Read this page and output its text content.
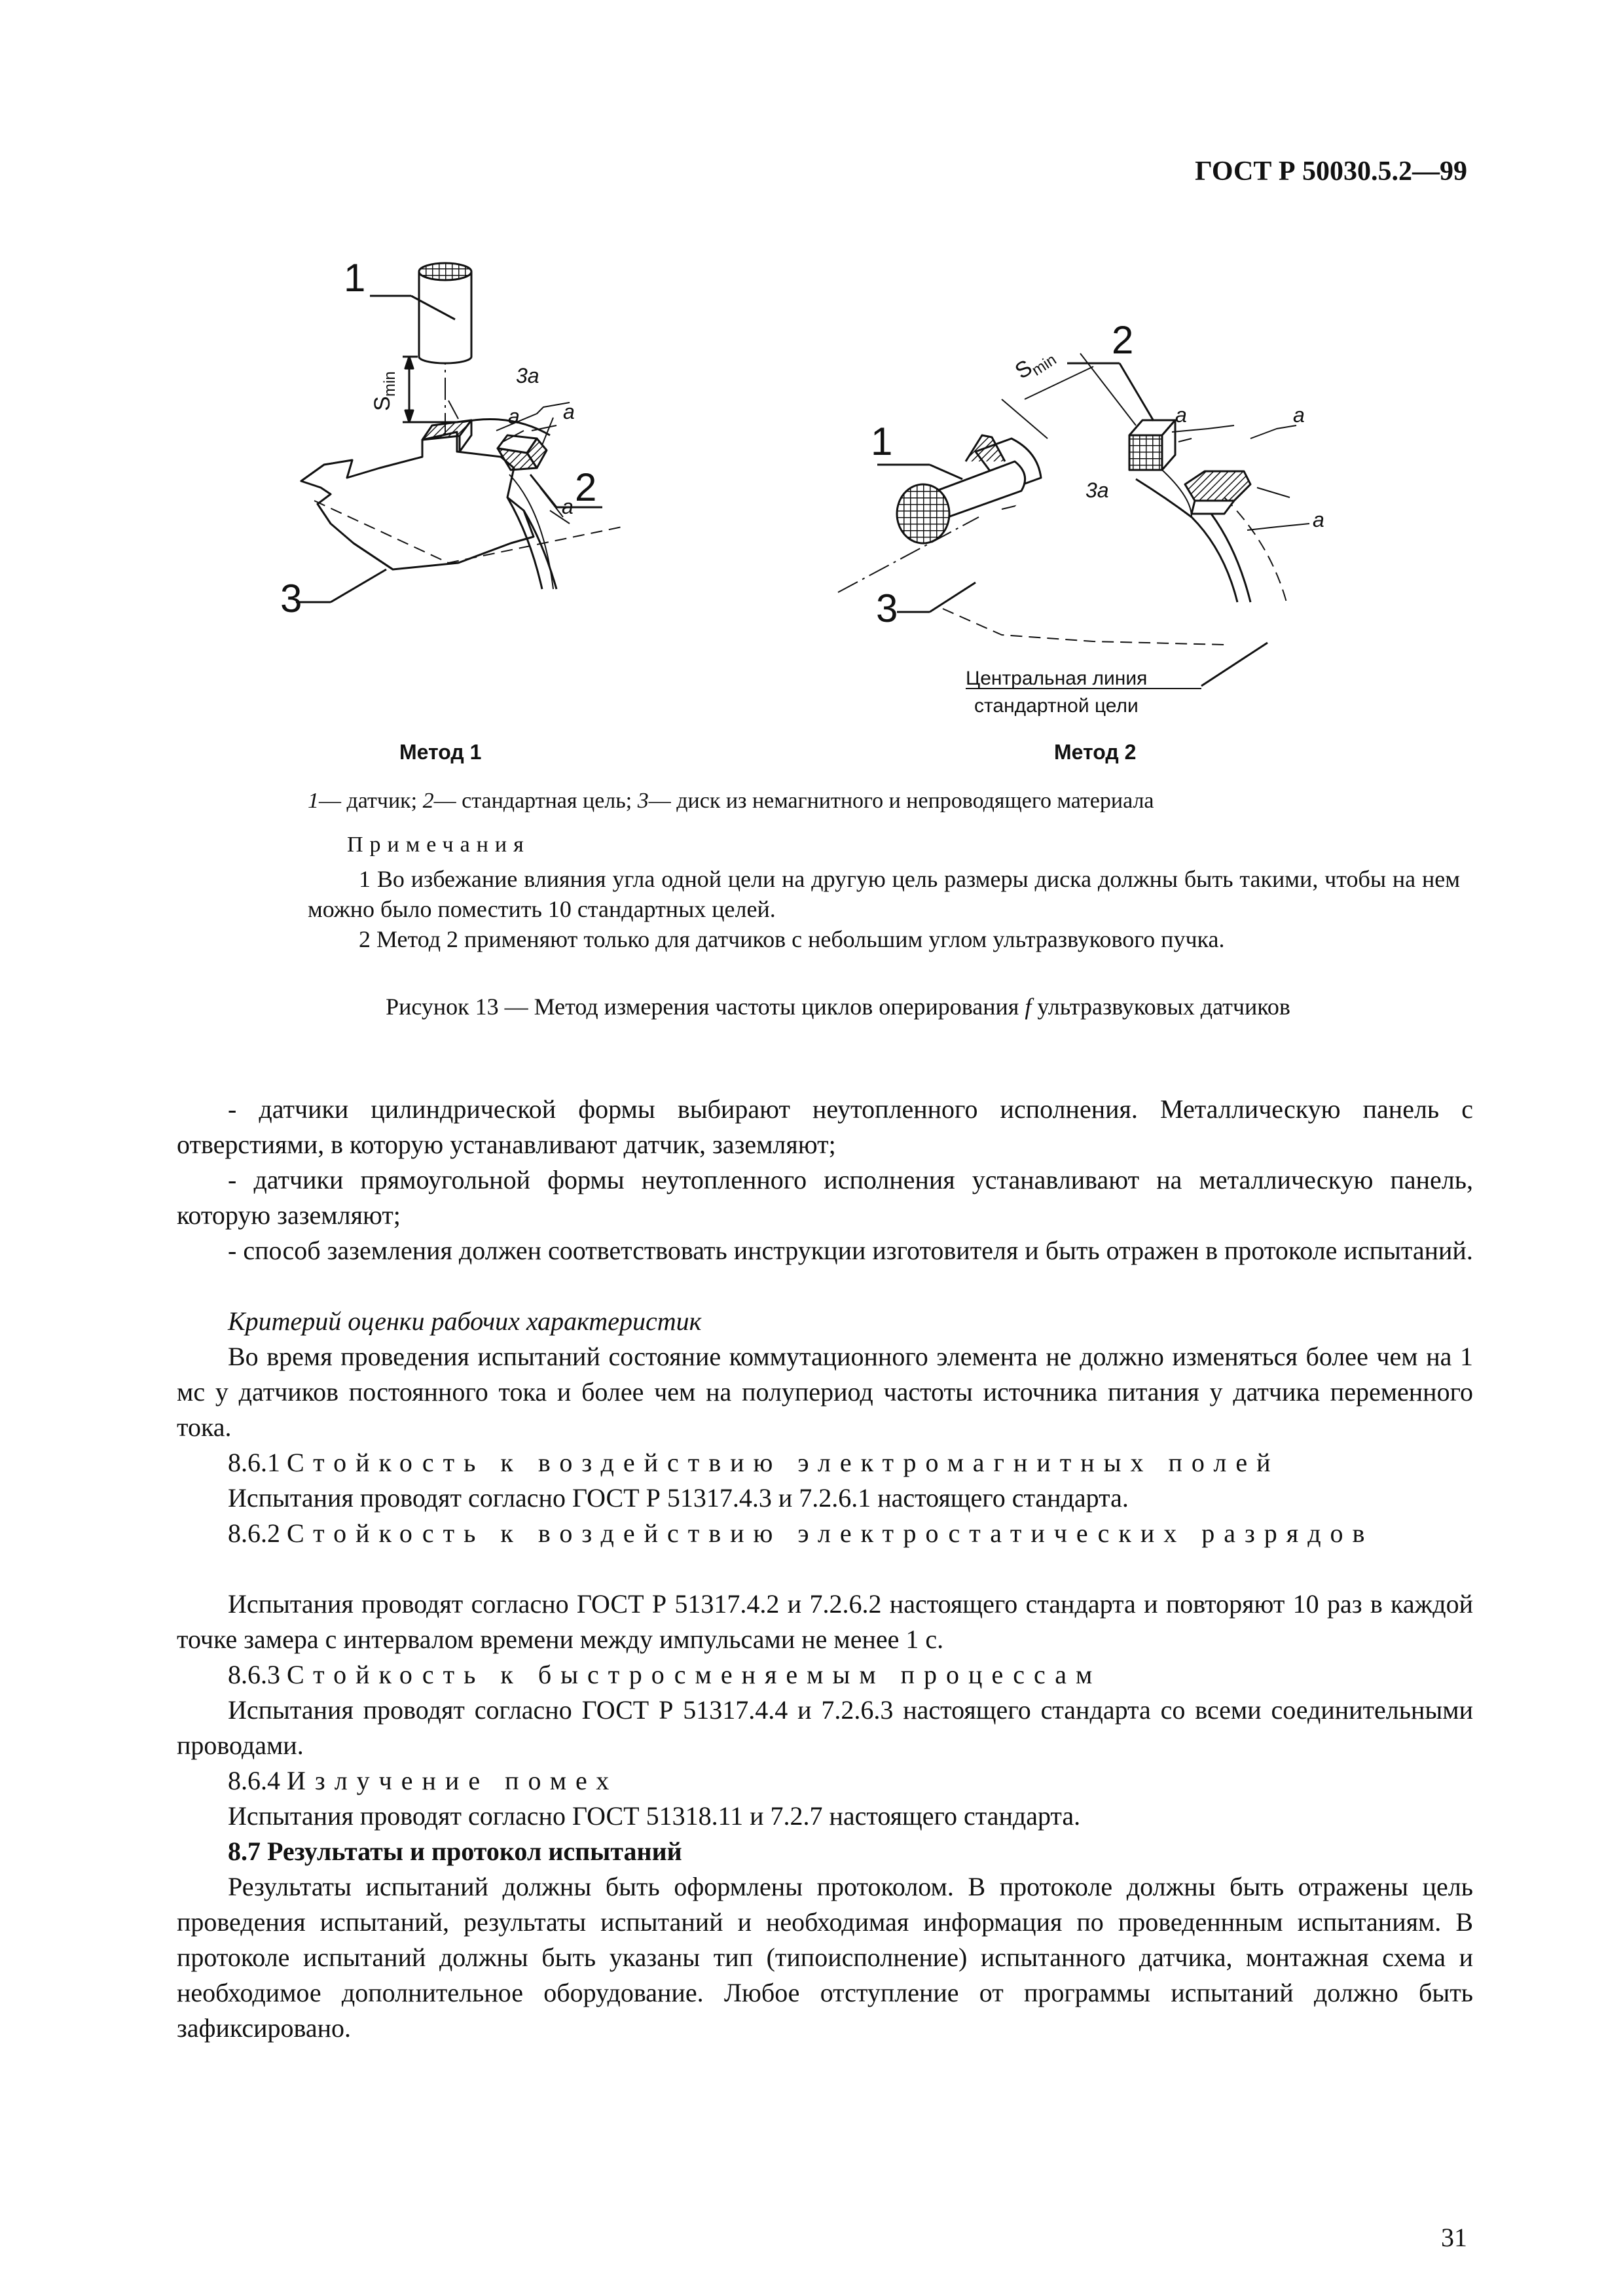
ГОСТ Р 50030.5.2—99
1
2
3
S
min	3a
a a
a
1
2
3
S
min
3a
a	a
a
Центральная линия
стандартной цели
Метод 1	Метод 2
1— датчик; 2— стандартная цель; 3— диск из немагнитного и непроводящего материала
Примечания
1 Во избежание влияния угла одной цели на другую цель размеры диска должны быть такими, чтобы на нем можно было поместить 10 стандартных целей.
2 Метод 2 применяют только для датчиков с небольшим углом ультразвукового пучка.
Рисунок 13 — Метод измерения частоты циклов оперирования f ультразвуковых датчиков
- датчики цилиндрической формы выбирают неутопленного исполнения. Металлическую панель с отверстиями, в которую устанавливают датчик, заземляют;
- датчики прямоугольной формы неутопленного исполнения устанавливают на металлическую панель, которую заземляют;
- способ заземления должен соответствовать инструкции изготовителя и быть отражен в протоколе испытаний.
Критерий оценки рабочих характеристик
Во время проведения испытаний состояние коммутационного элемента не должно изменяться более чем на 1 мс у датчиков постоянного тока и более чем на полупериод частоты источника питания у датчика переменного тока.
8.6.1 Стойкость к воздействию электромагнитных полей
Испытания проводят согласно ГОСТ Р 51317.4.3 и 7.2.6.1 настоящего стандарта.
8.6.2 Стойкость к воздействию электростатических разрядов
Испытания проводят согласно ГОСТ Р 51317.4.2 и 7.2.6.2 настоящего стандарта и повторяют 10 раз в каждой точке замера с интервалом времени между импульсами не менее 1 с.
8.6.3 Стойкость к быстросменяемым процессам
Испытания проводят согласно ГОСТ Р 51317.4.4 и 7.2.6.3 настоящего стандарта со всеми соединительными проводами.
8.6.4 Излучение помех
Испытания проводят согласно ГОСТ 51318.11 и 7.2.7 настоящего стандарта.
8.7 Результаты и протокол испытаний
Результаты испытаний должны быть оформлены протоколом. В протоколе должны быть отражены цель проведения испытаний, результаты испытаний и необходимая информация по проведеннным испытаниям. В протоколе испытаний должны быть указаны тип (типоисполнение) испытанного датчика, монтажная схема и необходимое дополнительное оборудование. Любое отступление от программы испытаний должно быть зафиксировано.
31
